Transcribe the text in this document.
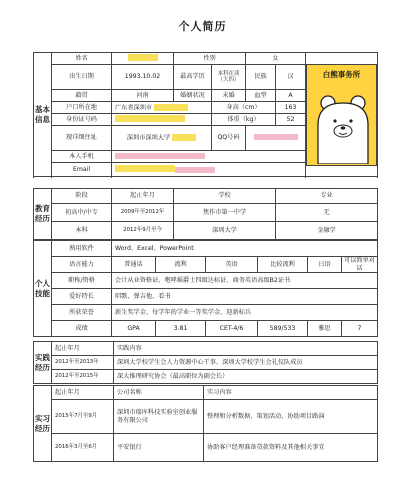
个人简历
基本信息	姓名		性别		女		白熊事务所

	出生日期	1993.10.02	最高学历	本科在读（大四）	民族	汉	
	籍贯	河南	婚姻状况	未婚	血型	A	
	户口所在地	广东省深圳市		身高（cm）		163	
	身份证号码			体重（kg）		52	
	现详细住址	深圳市深圳大学		QQ号码			
	本人手机						
	Email						

教育经历	阶段	起止年月	学校	专业
	初高中/中专	2009年至2012年	焦作市第一中学	无
	本科	2012年9月至今	深圳大学	金融学
个人技能	熟用软件	Word、Excel、PowerPoint					
	语言能力	普通话	流利	英语	比较流利	日语	可以简单对话
	职称/资格	会计从业资格证、咆哮摇爵士四级达标证、商务英语高级B2证书					
	爱好特长	唱歌、弹吉他、看书					
	所获荣誉	新生奖学金、每学年的学业一等奖学金、迎新标兵					
	成绩	GPA	3.81	CET-4/6	589/533	雅思	7
实践经历	起止年月	实践内容
	2012年至2013年	深圳大学校学生会人力资源中心干事、深圳大学校学生会礼仪队成员
	2012年至2015年	深大推理研究协会（最高职位为副会长）
实习经历	起止年月	公司名称	实习内容
	2015年7月至9月	深圳市瑞库科技实验室创业服务有限公司	整理和分析数据、策划活动、协助项目路演
	2016年3月至6月	平安银行	协助客户经理准备贷款资料及其他相关事宜
